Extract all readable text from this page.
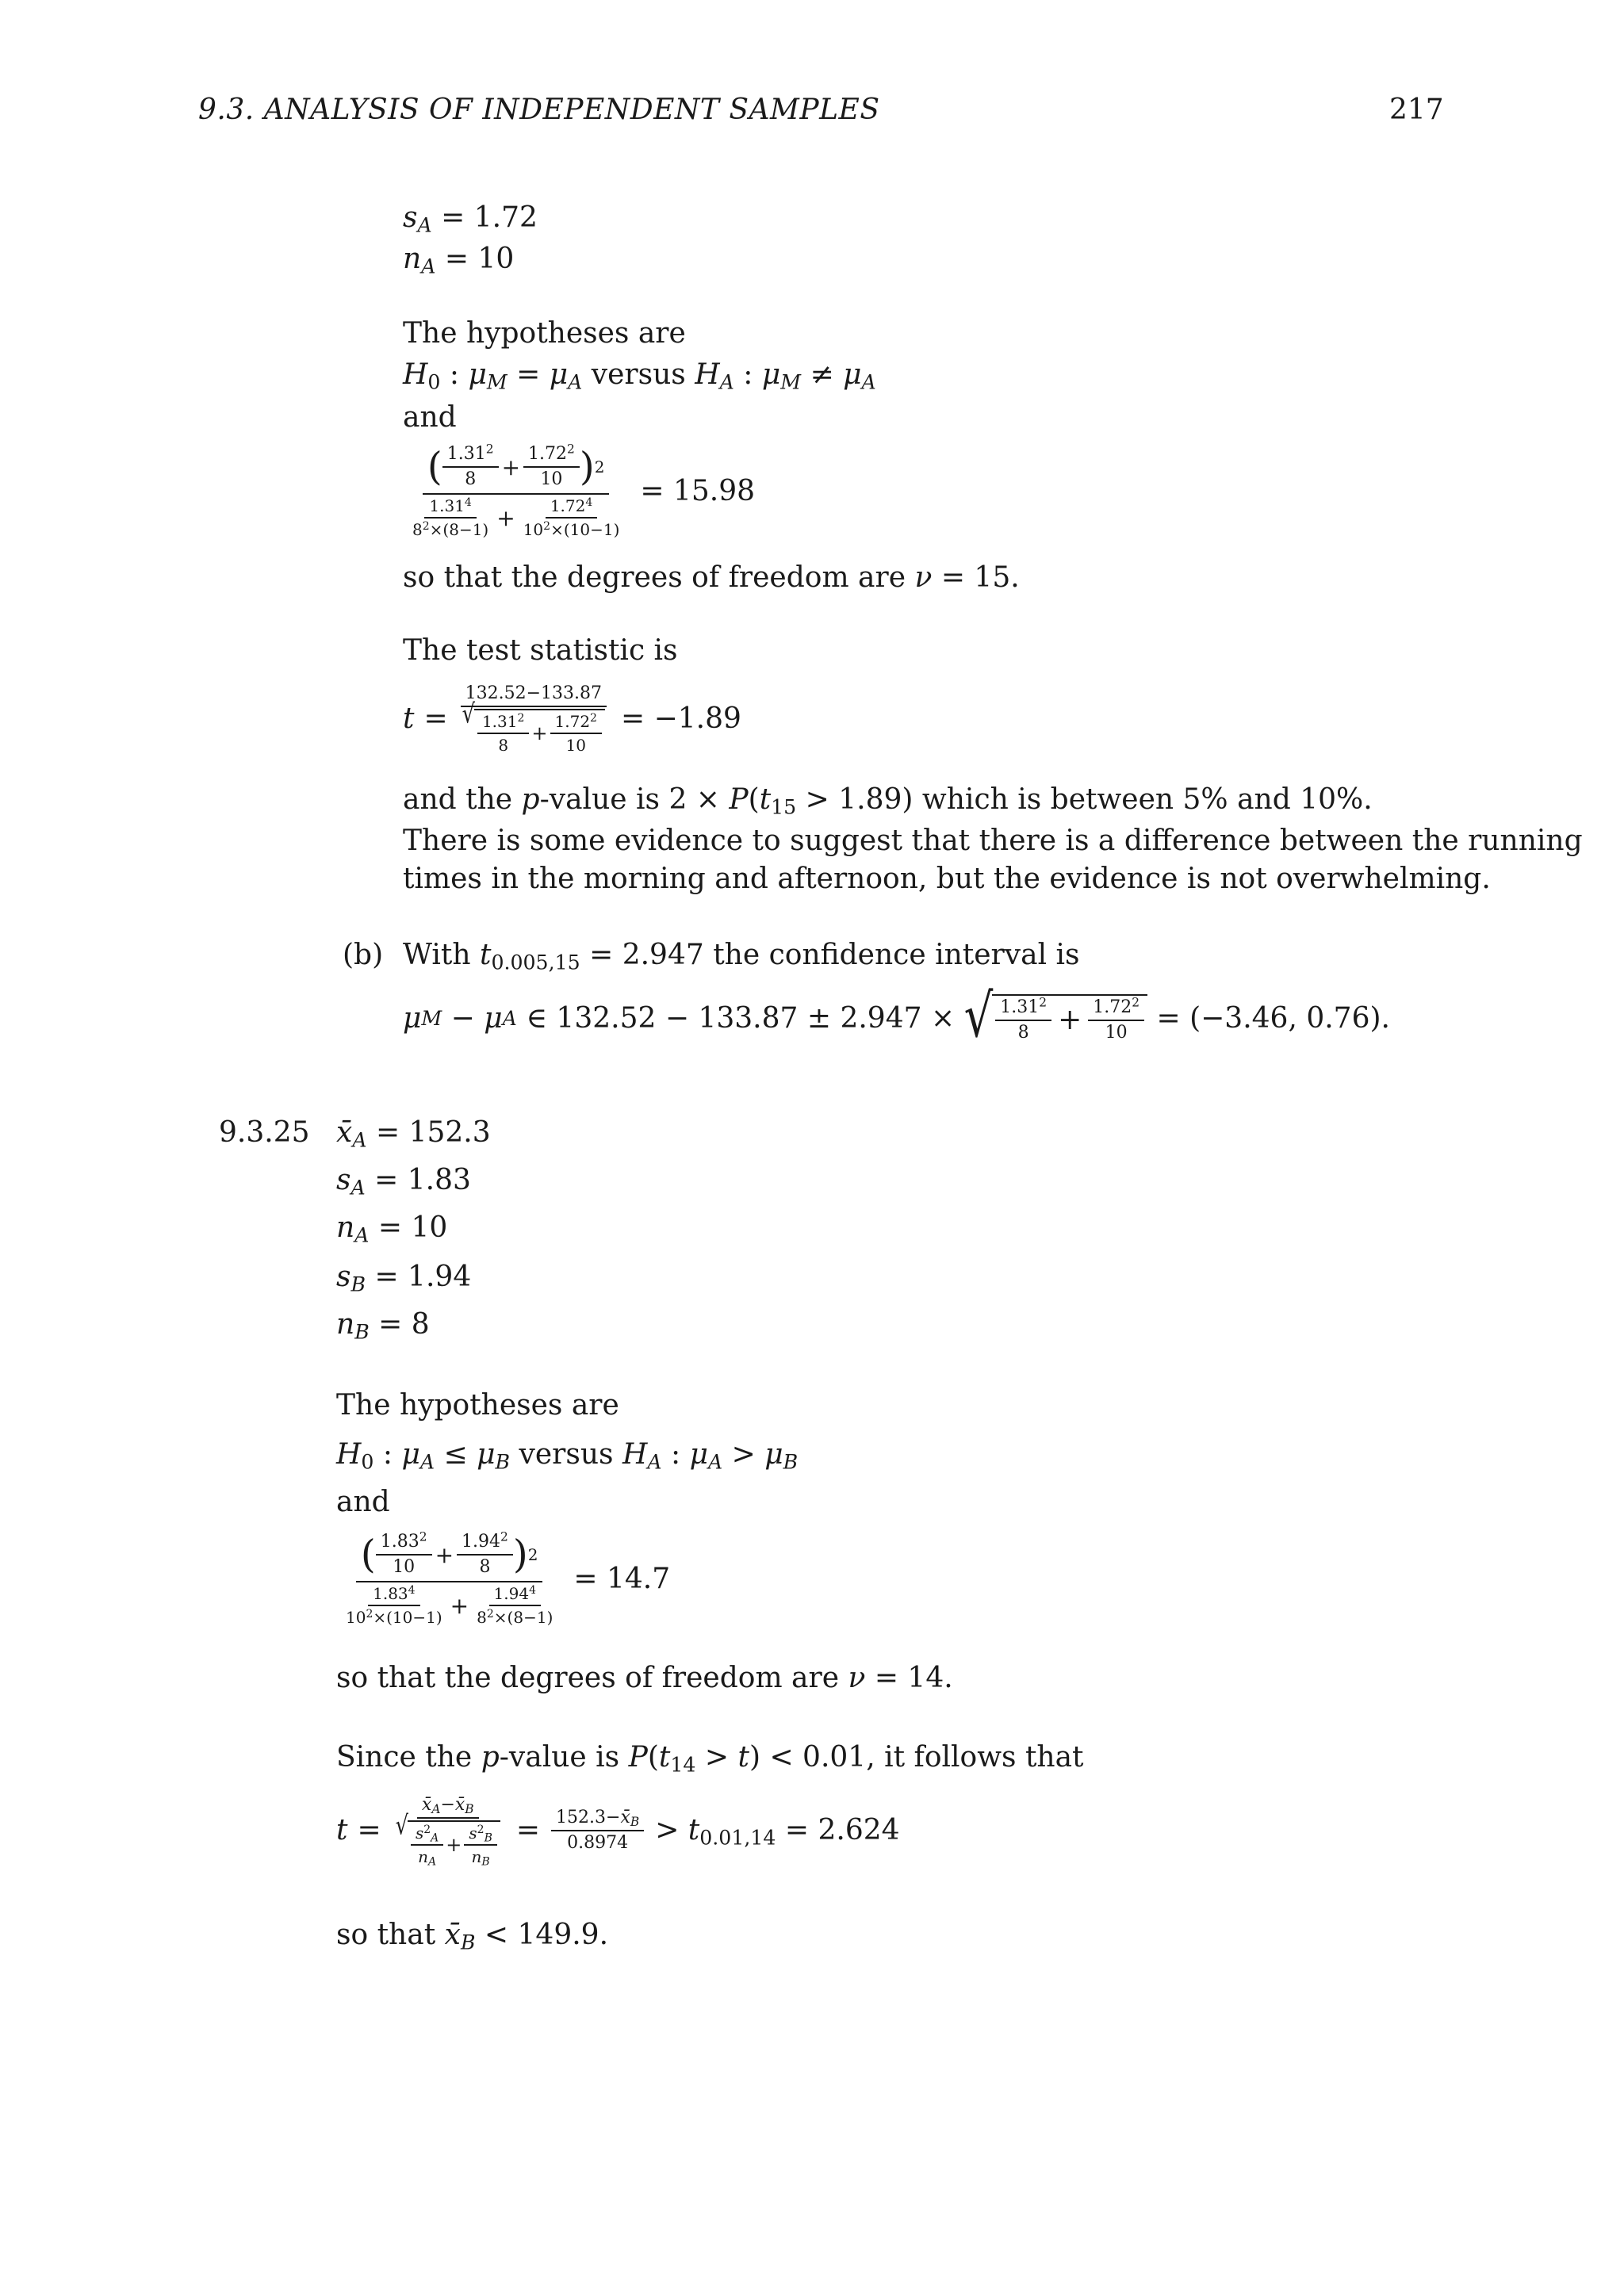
9.3. ANALYSIS OF INDEPENDENT SAMPLES	217
$s_A = 1.72$
$n_A = 10$
The hypotheses are
$H_0$ : $\mu_M = \mu_A$ versus $H_A$ : $\mu_M \ne \mu_A$
and
( $\frac{1.31^2}{8} + \frac{1.72^2}{10}$ ) 2
$\frac{1.31^4}{8^2\times(8-1)} + \frac{1.72^4}{10^2\times(10-1)}$
= 15.98
so that the degrees of freedom are ν = 15.
The test statistic is
t =
132.52−133.87
√ $\frac{1.31^2}{8} + \frac{1.72^2}{10} = -1.89$
and the p-value is $2 \times P(t_{15} > 1.89)$ which is between 5% and 10%.
There is some evidence to suggest that there is a difference between the running
times in the morning and afternoon, but the evidence is not overwhelming.
(b) With $t_{0.005,15} = 2.947$ the confidence interval is
μ M − μ A ∈ 132.52 − 133.87 ± 2.947 ×
√ $\frac{1.31^2}{8} + \frac{1.72^2}{10}$
= (−3.46, 0.76).
9.3.25 $x̄_A = 152.3$
$s_A = 1.83$
$n_A = 10$
$s_B = 1.94$
$n_B = 8$
The hypotheses are
$H_0$ : $\mu_A \le \mu_B$ versus $H_A$ : $\mu_A > \mu_B$
and
( $\frac{1.83^2}{10} + \frac{1.94^2}{8}$ ) 2
$\frac{1.83^4}{10^2\times(10-1)} + \frac{1.94^4}{8^2\times(8-1)}$
= 14.7
so that the degrees of freedom are ν = 14.
Since the p-value is $P(t_{14} > t) < 0.01$, it follows that
t =
$x̄_A-x̄_B$
√ $\frac{s^2_A}{n_A} + \frac{s^2_B}{n_B} = \frac{152.3-x̄_B}{0.8974} > t_{0.01,14} = 2.624$
so that $x̄_B < 149.9$.
